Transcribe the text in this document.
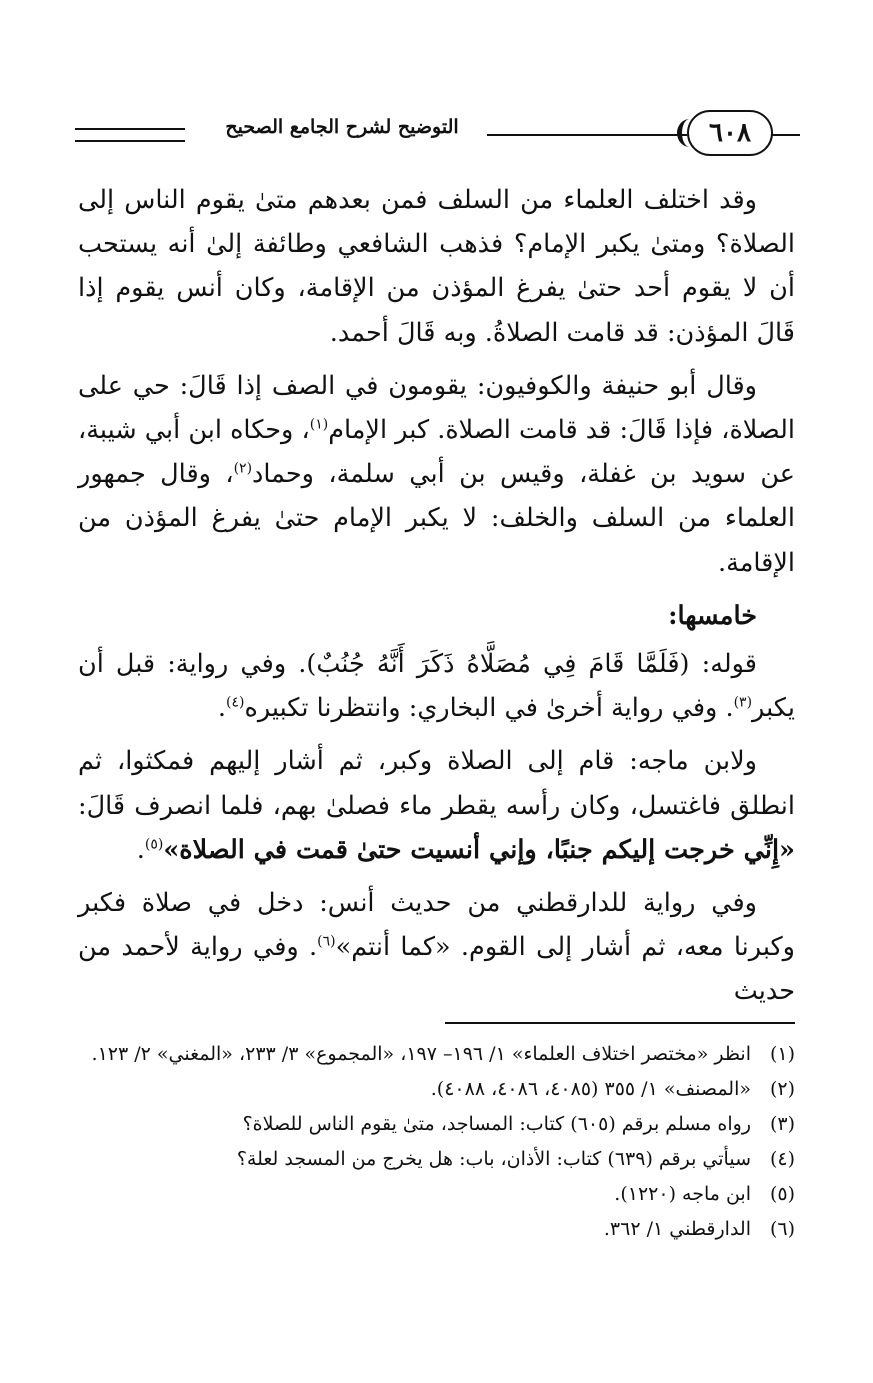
التوضيح لشرح الجامع الصحيح	٦٠٨

وقد اختلف العلماء من السلف فمن بعدهم متىٰ يقوم الناس إلى الصلاة؟ ومتىٰ يكبر الإمام؟ فذهب الشافعي وطائفة إلىٰ أنه يستحب أن لا يقوم أحد حتىٰ يفرغ المؤذن من الإقامة، وكان أنس يقوم إذا قَالَ المؤذن: قد قامت الصلاةُ. وبه قَالَ أحمد.

وقال أبو حنيفة والكوفيون: يقومون في الصف إذا قَالَ: حي على الصلاة، فإذا قَالَ: قد قامت الصلاة. كبر الإمام$^{(١)}$، وحكاه ابن أبي شيبة، عن سويد بن غفلة، وقيس بن أبي سلمة، وحماد$^{(٢)}$، وقال جمهور العلماء من السلف والخلف: لا يكبر الإمام حتىٰ يفرغ المؤذن من الإقامة.

خامسها:

قوله: (فَلَمَّا قَامَ فِي مُصَلَّاهُ ذَكَرَ أَنَّهُ جُنُبٌ). وفي رواية: قبل أن يكبر$^{(٣)}$. وفي رواية أخرىٰ في البخاري: وانتظرنا تكبيره$^{(٤)}$.

ولابن ماجه: قام إلى الصلاة وكبر، ثم أشار إليهم فمكثوا، ثم انطلق فاغتسل، وكان رأسه يقطر ماء فصلىٰ بهم، فلما انصرف قَالَ: «إِنِّي خرجت إليكم جنبًا، وإني أنسيت حتىٰ قمت في الصلاة»$^{(٥)}$.

وفي رواية للدارقطني من حديث أنس: دخل في صلاة فكبر وكبرنا معه، ثم أشار إلى القوم. «كما أنتم»$^{(٦)}$. وفي رواية لأحمد من حديث

(١)
انظر «مختصر اختلاف العلماء» ١/ ١٩٦– ١٩٧، «المجموع» ٣/ ٢٣٣، «المغني» ٢/ ١٢٣.
(٢)
«المصنف» ١/ ٣٥٥ (٤٠٨٥، ٤٠٨٦، ٤٠٨٨).
(٣)
رواه مسلم برقم (٦٠٥) كتاب: المساجد، متىٰ يقوم الناس للصلاة؟
(٤)
سيأتي برقم (٦٣٩) كتاب: الأذان، باب: هل يخرج من المسجد لعلة؟
(٥)
ابن ماجه (١٢٢٠).
(٦)
الدارقطني ١/ ٣٦٢.
